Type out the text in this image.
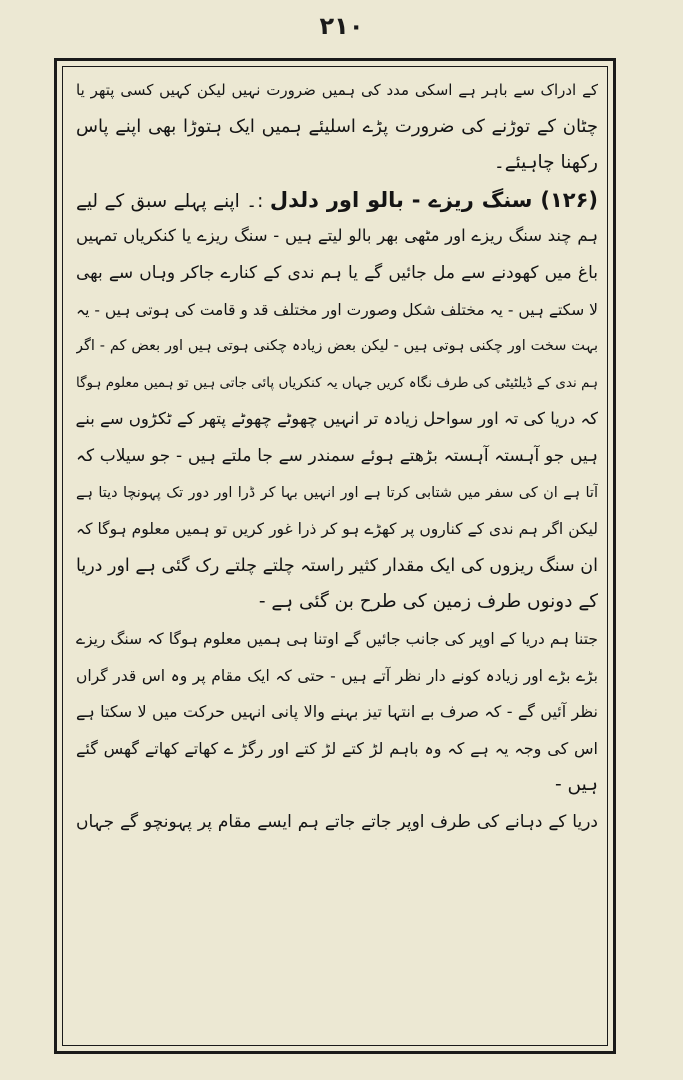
۲۱۰
کے ادراک سے باہر ہے اسکی مدد کی ہمیں ضرورت نہیں لیکن کہیں کسی پتھر یا
چٹان کے توڑنے کی ضرورت پڑے اسلیئے ہمیں ایک ہتوڑا بھی اپنے پاس
رکھنا چاہیئے۔
(۱۲۶) سنگ ریزے - بالو اور دلدل :۔ اپنے پہلے سبق کے لیے
ہم چند سنگ ریزے اور مٹھی بھر بالو لیتے ہیں - سنگ ریزے یا کنکریاں تمہیں
باغ میں کھودنے سے مل جائیں گے یا ہم ندی کے کنارے جاکر وہاں سے بھی
لا سکتے ہیں - یہ مختلف شکل وصورت اور مختلف قد و قامت کی ہوتی ہیں - یہ
بہت سخت اور چکنی ہوتی ہیں - لیکن بعض زیادہ چکنی ہوتی ہیں اور بعض کم - اگر
ہم ندی کے ڈیلٹیٹی کی طرف نگاہ کریں جہاں یہ کنکریاں پائی جاتی ہیں تو ہمیں معلوم ہوگا
کہ دریا کی تہ اور سواحل زیادہ تر انہیں چھوٹے چھوٹے پتھر کے ٹکڑوں سے بنے
ہیں جو آہستہ آہستہ بڑھتے ہوئے سمندر سے جا ملتے ہیں - جو سیلاب کہ
آتا ہے ان کی سفر میں شتابی کرتا ہے اور انہیں بہا کر ڈرا اور دور تک پہونچا دیتا ہے
لیکن اگر ہم ندی کے کناروں پر کھڑے ہو کر ذرا غور کریں تو ہمیں معلوم ہوگا کہ
ان سنگ ریزوں کی ایک مقدار کثیر راستہ چلتے چلتے رک گئی ہے اور دریا
کے دونوں طرف زمین کی طرح بن گئی ہے -
جتنا ہم دریا کے اوپر کی جانب جائیں گے اوتنا ہی ہمیں معلوم ہوگا کہ سنگ ریزے
بڑے بڑے اور زیادہ کونے دار نظر آتے ہیں - حتی کہ ایک مقام پر وہ اس قدر گراں
نظر آئیں گے - کہ صرف بے انتہا تیز بہنے والا پانی انہیں حرکت میں لا سکتا ہے
اس کی وجہ یہ ہے کہ وہ باہم لڑ کتے لڑ کتے اور رگڑ ے کھاتے کھاتے گھس گئے
ہیں -
دریا کے دہانے کی طرف اوپر جاتے جاتے ہم ایسے مقام پر پہونچو گے جہاں
